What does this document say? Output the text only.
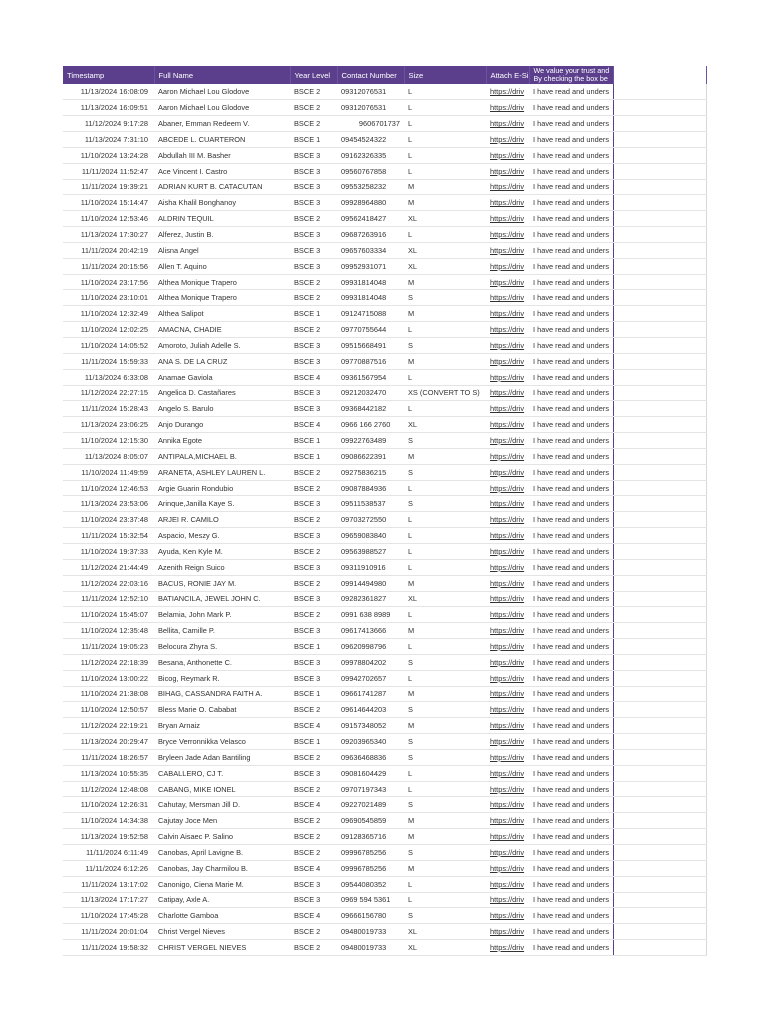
Timestamp	Full Name	Year Level	Contact Number	Size	Attach E-Si	We value your trust and
By checking the box be	

11/13/2024 16:08:09	Aaron Michael Lou Glodove	BSCE 2	09312076531	L	https://driv	I have read and unders	
11/13/2024 16:09:51	Aaron Michael Lou Glodove	BSCE 2	09312076531	L	https://driv	I have read and unders	
11/12/2024 9:17:28	Abaner, Emman Redeem V.	BSCE 2	9606701737	L	https://driv	I have read and unders	
11/13/2024 7:31:10	ABCEDE L. CUARTERON	BSCE 1	09454524322	L	https://driv	I have read and unders	
11/10/2024 13:24:28	Abdullah III M. Basher	BSCE 3	09162326335	L	https://driv	I have read and unders	
11/11/2024 11:52:47	Ace Vincent I. Castro	BSCE 3	09560767858	L	https://driv	I have read and unders	
11/11/2024 19:39:21	ADRIAN KURT B. CATACUTAN	BSCE 3	09553258232	M	https://driv	I have read and unders	
11/10/2024 15:14:47	Aisha Khalil Bonghanoy	BSCE 3	09928964880	M	https://driv	I have read and unders	
11/10/2024 12:53:46	ALDRIN TEQUIL	BSCE 2	09562418427	XL	https://driv	I have read and unders	
11/13/2024 17:30:27	Alferez, Justin B.	BSCE 3	09687263916	L	https://driv	I have read and unders	
11/11/2024 20:42:19	Alisna Angel	BSCE 3	09657603334	XL	https://driv	I have read and unders	
11/11/2024 20:15:56	Allen T. Aquino	BSCE 3	09952931071	XL	https://driv	I have read and unders	
11/10/2024 23:17:56	Althea Monique Trapero	BSCE 2	09931814048	M	https://driv	I have read and unders	
11/10/2024 23:10:01	Althea Monique Trapero	BSCE 2	09931814048	S	https://driv	I have read and unders	
11/10/2024 12:32:49	Althea Salipot	BSCE 1	09124715088	M	https://driv	I have read and unders	
11/10/2024 12:02:25	AMACNA, CHADIE	BSCE 2	09770755644	L	https://driv	I have read and unders	
11/10/2024 14:05:52	Amoroto, Juliah Adelle S.	BSCE 3	09515668491	S	https://driv	I have read and unders	
11/11/2024 15:59:33	ANA S. DE LA CRUZ	BSCE 3	09770887516	M	https://driv	I have read and unders	
11/13/2024 6:33:08	Anamae Gaviola	BSCE 4	09361567954	L	https://driv	I have read and unders	
11/12/2024 22:27:15	Angelica D. Castañares	BSCE 3	09212032470	XS (CONVERT TO S)	https://driv	I have read and unders	
11/11/2024 15:28:43	Angelo S. Barulo	BSCE 3	09368442182	L	https://driv	I have read and unders	
11/13/2024 23:06:25	Anjo Durango	BSCE 4	0966 166 2760	XL	https://driv	I have read and unders	
11/10/2024 12:15:30	Annika Egote	BSCE 1	09922763489	S	https://driv	I have read and unders	
11/13/2024 8:05:07	ANTIPALA,MICHAEL B.	BSCE 1	09086622391	M	https://driv	I have read and unders	
11/10/2024 11:49:59	ARANETA, ASHLEY LAUREN L.	BSCE 2	09275836215	S	https://driv	I have read and unders	
11/10/2024 12:46:53	Argie Guarin Rondubio	BSCE 2	09087884936	L	https://driv	I have read and unders	
11/13/2024 23:53:06	Arinque,Janilla Kaye S.	BSCE 3	09511538537	S	https://driv	I have read and unders	
11/10/2024 23:37:48	ARJEI R. CAMILO	BSCE 2	09703272550	L	https://driv	I have read and unders	
11/11/2024 15:32:54	Aspacio, Meszy G.	BSCE 3	09659083840	L	https://driv	I have read and unders	
11/10/2024 19:37:33	Ayuda, Ken Kyle M.	BSCE 2	09563988527	L	https://driv	I have read and unders	
11/12/2024 21:44:49	Azenith Reign Suico	BSCE 3	09311910916	L	https://driv	I have read and unders	
11/12/2024 22:03:16	BACUS, RONIE JAY M.	BSCE 2	09914494980	M	https://driv	I have read and unders	
11/11/2024 12:52:10	BATIANCILA, JEWEL JOHN C.	BSCE 3	09282361827	XL	https://driv	I have read and unders	
11/10/2024 15:45:07	Belamia, John Mark P.	BSCE 2	0991 638 8989	L	https://driv	I have read and unders	
11/10/2024 12:35:48	Bellita, Camille P.	BSCE 3	09617413666	M	https://driv	I have read and unders	
11/11/2024 19:05:23	Belocura Zhyra S.	BSCE 1	09620998796	L	https://driv	I have read and unders	
11/12/2024 22:18:39	Besana, Anthonette C.	BSCE 3	09978804202	S	https://driv	I have read and unders	
11/10/2024 13:00:22	Bicog, Reymark R.	BSCE 3	09942702657	L	https://driv	I have read and unders	
11/10/2024 21:38:08	BIHAG, CASSANDRA FAITH A.	BSCE 1	09661741287	M	https://driv	I have read and unders	
11/10/2024 12:50:57	Bless Marie O. Cababat	BSCE 2	09614644203	S	https://driv	I have read and unders	
11/12/2024 22:19:21	Bryan Arnaiz	BSCE 4	09157348052	M	https://driv	I have read and unders	
11/13/2024 20:29:47	Bryce Verronnikka Velasco	BSCE 1	09203965340	S	https://driv	I have read and unders	
11/11/2024 18:26:57	Bryleen Jade Adan Bantiling	BSCE 2	09636468836	S	https://driv	I have read and unders	
11/13/2024 10:55:35	CABALLERO, CJ T.	BSCE 3	09081604429	L	https://driv	I have read and unders	
11/12/2024 12:48:08	CABANG, MIKE IONEL	BSCE 2	09707197343	L	https://driv	I have read and unders	
11/10/2024 12:26:31	Cahutay, Mersman Jill D.	BSCE 4	09227021489	S	https://driv	I have read and unders	
11/10/2024 14:34:38	Cajutay Joce Men	BSCE 2	09690545859	M	https://driv	I have read and unders	
11/13/2024 19:52:58	Calvin Aisaec P. Salino	BSCE 2	09128365716	M	https://driv	I have read and unders	
11/11/2024 6:11:49	Canobas, April Lavigne B.	BSCE 2	09996785256	S	https://driv	I have read and unders	
11/11/2024 6:12:26	Canobas, Jay Charmilou B.	BSCE 4	09996785256	M	https://driv	I have read and unders	
11/11/2024 13:17:02	Canonigo, Ciena Marie M.	BSCE 3	09544080352	L	https://driv	I have read and unders	
11/13/2024 17:17:27	Catipay, Axle A.	BSCE 3	0969 594 5361	L	https://driv	I have read and unders	
11/10/2024 17:45:28	Charlotte Gamboa	BSCE 4	09666156780	S	https://driv	I have read and unders	
11/11/2024 20:01:04	Christ Vergel Nieves	BSCE 2	09480019733	XL	https://driv	I have read and unders	
11/11/2024 19:58:32	CHRIST VERGEL NIEVES	BSCE 2	09480019733	XL	https://driv	I have read and unders	
